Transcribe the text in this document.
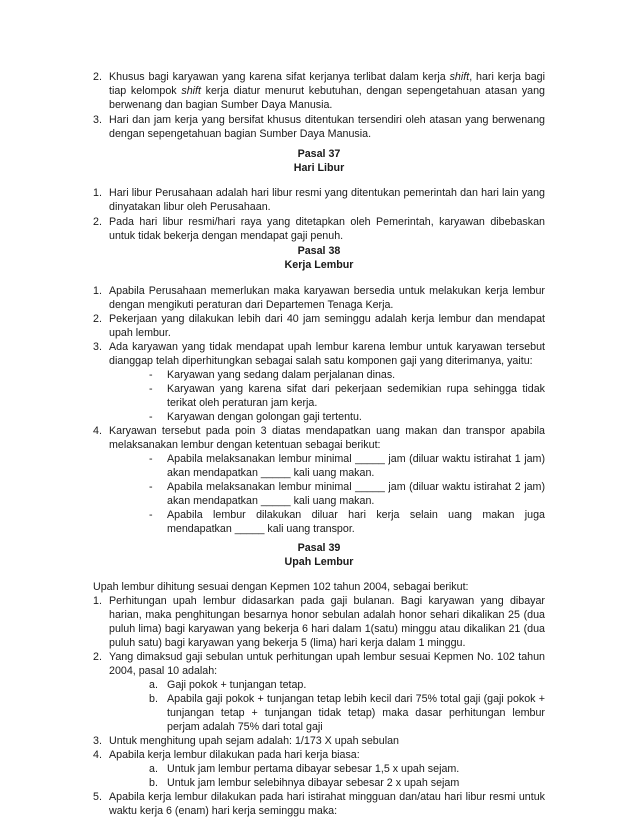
2. Khusus bagi karyawan yang karena sifat kerjanya terlibat dalam kerja shift, hari kerja bagi tiap kelompok shift kerja diatur menurut kebutuhan, dengan sepengetahuan atasan yang berwenang dan bagian Sumber Daya Manusia.
3. Hari dan jam kerja yang bersifat khusus ditentukan tersendiri oleh atasan yang berwenang dengan sepengetahuan bagian Sumber Daya Manusia.
Pasal 37
Hari Libur
1. Hari libur Perusahaan adalah hari libur resmi yang ditentukan pemerintah dan hari lain yang dinyatakan libur oleh Perusahaan.
2. Pada hari libur resmi/hari raya yang ditetapkan oleh Pemerintah, karyawan dibebaskan untuk tidak bekerja dengan mendapat gaji penuh.
Pasal 38
Kerja Lembur
1. Apabila Perusahaan memerlukan maka karyawan bersedia untuk melakukan kerja lembur dengan mengikuti peraturan dari Departemen Tenaga Kerja.
2. Pekerjaan yang dilakukan lebih dari 40 jam seminggu adalah kerja lembur dan mendapat upah lembur.
3. Ada karyawan yang tidak mendapat upah lembur karena lembur untuk karyawan tersebut dianggap telah diperhitungkan sebagai salah satu komponen gaji yang diterimanya, yaitu:
- Karyawan yang sedang dalam perjalanan dinas.
- Karyawan yang karena sifat dari pekerjaan sedemikian rupa sehingga tidak terikat oleh peraturan jam kerja.
- Karyawan dengan golongan gaji tertentu.
4. Karyawan tersebut pada poin 3 diatas mendapatkan uang makan dan transpor apabila melaksanakan lembur dengan ketentuan sebagai berikut:
- Apabila melaksanakan lembur minimal _____ jam (diluar waktu istirahat 1 jam) akan mendapatkan _____ kali uang makan.
- Apabila melaksanakan lembur minimal _____ jam (diluar waktu istirahat 2 jam) akan mendapatkan _____ kali uang makan.
- Apabila lembur dilakukan diluar hari kerja selain uang makan juga mendapatkan _____ kali uang transpor.
Pasal 39
Upah Lembur
Upah lembur dihitung sesuai dengan Kepmen 102 tahun 2004, sebagai berikut:
1. Perhitungan upah lembur didasarkan pada gaji bulanan. Bagi karyawan yang dibayar harian, maka penghitungan besarnya honor sebulan adalah honor sehari dikalikan 25 (dua puluh lima) bagi karyawan yang bekerja 6 hari dalam 1(satu) minggu atau dikalikan 21 (dua puluh satu) bagi karyawan yang bekerja 5 (lima) hari kerja dalam 1 minggu.
2. Yang dimaksud gaji sebulan untuk perhitungan upah lembur sesuai Kepmen No. 102 tahun 2004, pasal 10 adalah:
a. Gaji pokok + tunjangan tetap.
b. Apabila gaji pokok + tunjangan tetap lebih kecil dari 75% total gaji (gaji pokok + tunjangan tetap + tunjangan tidak tetap) maka dasar perhitungan lembur perjam adalah 75% dari total gaji
3. Untuk menghitung upah sejam adalah: 1/173 X upah sebulan
4. Apabila kerja lembur dilakukan pada hari kerja biasa:
a. Untuk jam lembur pertama dibayar sebesar 1,5 x upah sejam.
b. Untuk jam lembur selebihnya dibayar sebesar 2 x upah sejam
5. Apabila kerja lembur dilakukan pada hari istirahat mingguan dan/atau hari libur resmi untuk waktu kerja 6 (enam) hari kerja seminggu maka:
